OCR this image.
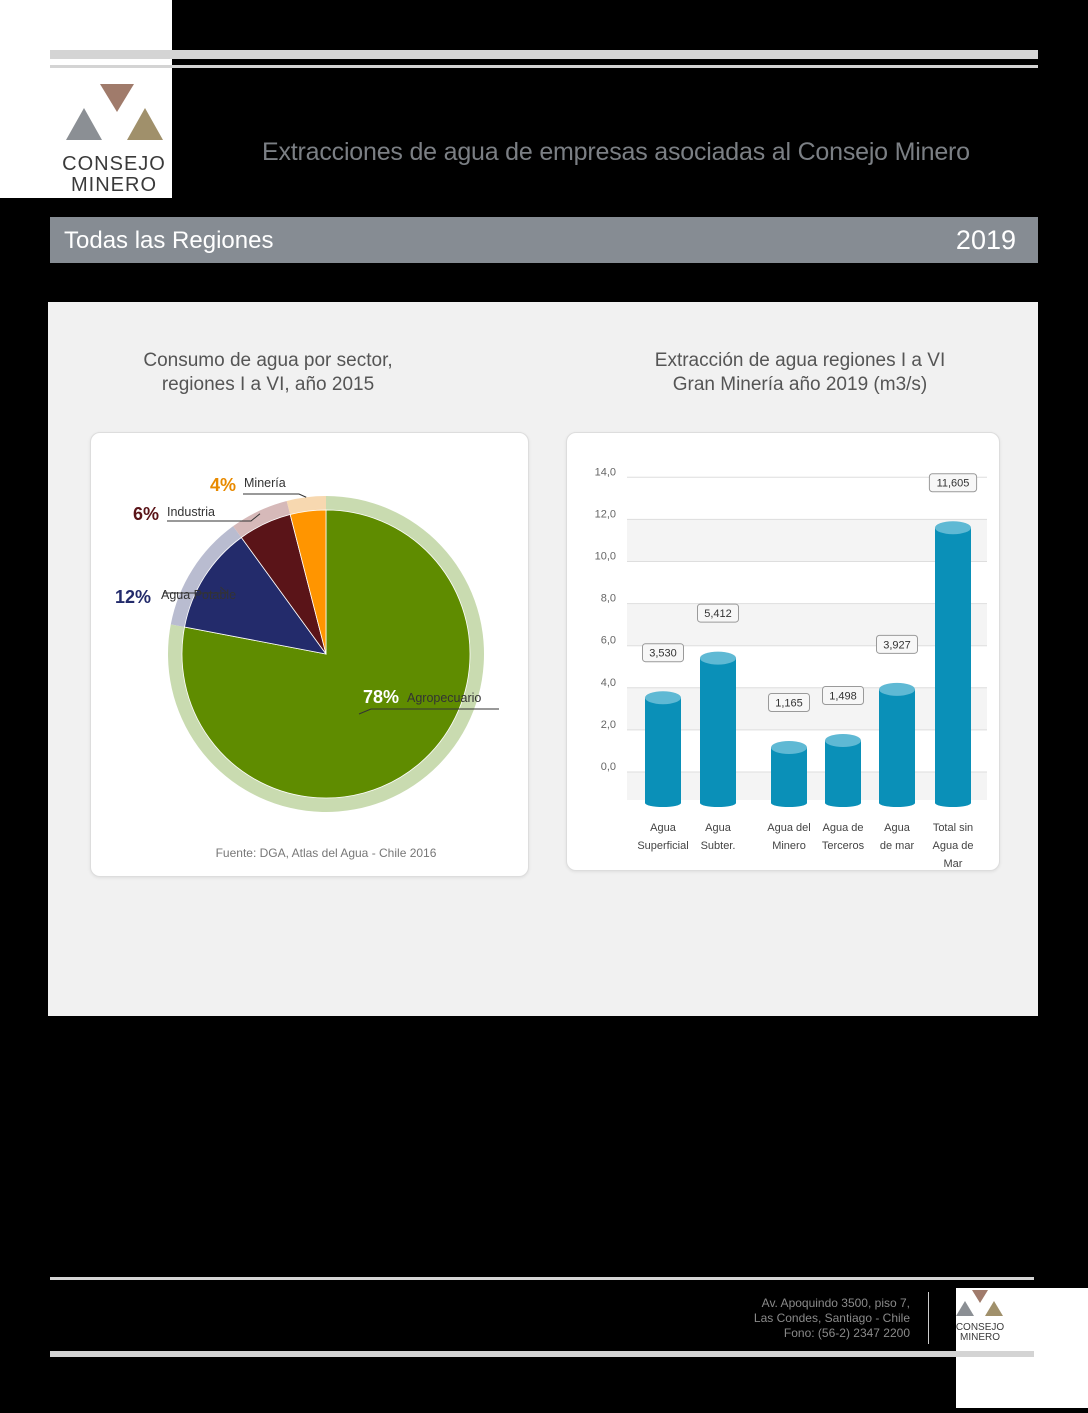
CONSEJO
MINERO
Extracciones de agua de empresas asociadas al Consejo Minero
Todas las Regiones	2019
Consumo de agua por sector,
regiones I a VI, año 2015
Extracción de agua regiones I a VI
Gran Minería año 2019 (m3/s)
Fuente: DGA, Atlas del Agua - Chile 2016
78% Agropecuario
12% Agua Potable
6% Industria
4% Minería
0,0
2,0
4,0
6,0
8,0
10,0
12,0
14,0
3,530
Agua
Superficial
5,412
Agua
Subter.
1,165
Agua del
Minero
1,498
Agua de
Terceros
3,927
Agua
de mar
11,605
Total sin
Agua de
Mar
Av. Apoquindo 3500, piso 7,
Las Condes, Santiago - Chile
Fono: (56-2) 2347 2200	CONSEJO
MINERO
